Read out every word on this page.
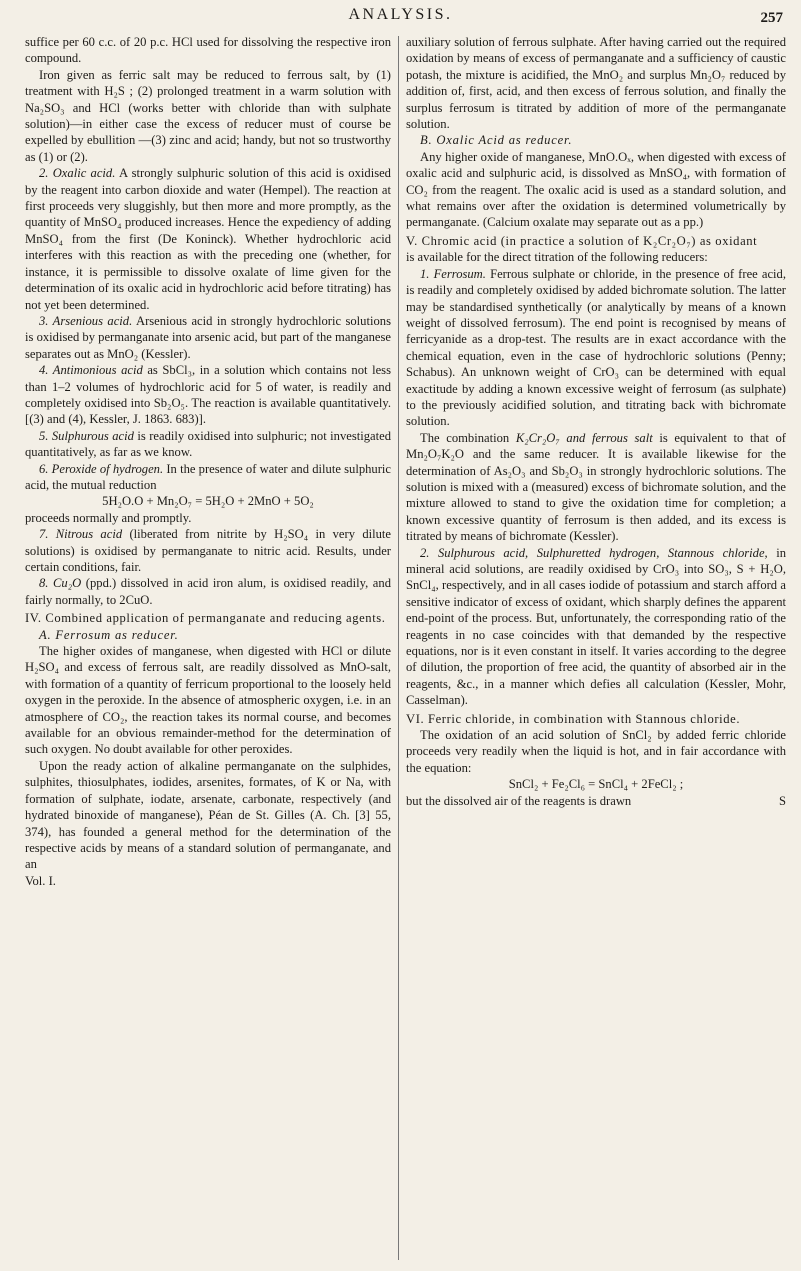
ANALYSIS.	257

suffice per 60 c.c. of 20 p.c. HCl used for dissolving the respective iron compound.

Iron given as ferric salt may be reduced to ferrous salt, by (1) treatment with H₂S ; (2) prolonged treatment in a warm solution with Na₂SO₃ and HCl (works better with chloride than with sulphate solution)—in either case the excess of reducer must of course be expelled by ebullition —(3) zinc and acid; handy, but not so trustworthy as (1) or (2).

2. Oxalic acid. A strongly sulphuric solution of this acid is oxidised by the reagent into carbon dioxide and water (Hempel). The reaction at first proceeds very sluggishly, but then more and more promptly, as the quantity of MnSO₄ produced increases. Hence the expediency of adding MnSO₄ from the first (De Koninck). Whether hydrochloric acid interferes with this reaction as with the preceding one (whether, for instance, it is permissible to dissolve oxalate of lime given for the determination of its oxalic acid in hydrochloric acid before titrating) has not yet been determined.

3. Arsenious acid. Arsenious acid in strongly hydrochloric solutions is oxidised by permanganate into arsenic acid, but part of the manganese separates out as MnO₂ (Kessler).

4. Antimonious acid as SbCl₃, in a solution which contains not less than 1–2 volumes of hydrochloric acid for 5 of water, is readily and completely oxidised into Sb₂O₅. The reaction is available quantitatively. [(3) and (4), Kessler, J. 1863. 683)].

5. Sulphurous acid is readily oxidised into sulphuric; not investigated quantitatively, as far as we know.

6. Peroxide of hydrogen. In the presence of water and dilute sulphuric acid, the mutual reduction

5H₂O.O + Mn₂O₇ = 5H₂O + 2MnO + 5O₂

proceeds normally and promptly.

7. Nitrous acid (liberated from nitrite by H₂SO₄ in very dilute solutions) is oxidised by permanganate to nitric acid. Results, under certain conditions, fair.

8. Cu₂O (ppd.) dissolved in acid iron alum, is oxidised readily, and fairly normally, to 2CuO.

IV. Combined application of permanganate and reducing agents.

A. Ferrosum as reducer.

The higher oxides of manganese, when digested with HCl or dilute H₂SO₄ and excess of ferrous salt, are readily dissolved as MnO-salt, with formation of a quantity of ferricum proportional to the loosely held oxygen in the peroxide. In the absence of atmospheric oxygen, i.e. in an atmosphere of CO₂, the reaction takes its normal course, and becomes available for an obvious remainder-method for the determination of such oxygen. No doubt available for other peroxides.

Upon the ready action of alkaline permanganate on the sulphides, sulphites, thiosulphates, iodides, arsenites, formates, of K or Na, with formation of sulphate, iodate, arsenate, carbonate, respectively (and hydrated binoxide of manganese), Péan de St. Gilles (A. Ch. [3] 55, 374), has founded a general method for the determination of the respective acids by means of a standard solution of permanganate, and an

Vol. I.

auxiliary solution of ferrous sulphate. After having carried out the required oxidation by means of excess of permanganate and a sufficiency of caustic potash, the mixture is acidified, the MnO₂ and surplus Mn₂O₇ reduced by addition of, first, acid, and then excess of ferrous solution, and finally the surplus ferrosum is titrated by addition of more of the permanganate solution.

B. Oxalic Acid as reducer.

Any higher oxide of manganese, MnO.Oₓ, when digested with excess of oxalic acid and sulphuric acid, is dissolved as MnSO₄, with formation of CO₂ from the reagent. The oxalic acid is used as a standard solution, and what remains over after the oxidation is determined volumetrically by permanganate. (Calcium oxalate may separate out as a pp.)

V. Chromic acid (in practice a solution of K₂Cr₂O₇) as oxidant

is available for the direct titration of the following reducers:

1. Ferrosum. Ferrous sulphate or chloride, in the presence of free acid, is readily and completely oxidised by added bichromate solution. The latter may be standardised synthetically (or analytically by means of a known weight of dissolved ferrosum). The end point is recognised by means of ferricyanide as a drop-test. The results are in exact accordance with the chemical equation, even in the case of hydrochloric solutions (Penny; Schabus). An unknown weight of CrO₃ can be determined with equal exactitude by adding a known excessive weight of ferrosum (as sulphate) to the previously acidified solution, and titrating back with bichromate solution.

The combination K₂Cr₂O₇ and ferrous salt is equivalent to that of Mn₂O₇K₂O and the same reducer. It is available likewise for the determination of As₂O₃ and Sb₂O₃ in strongly hydrochloric solutions. The solution is mixed with a (measured) excess of bichromate solution, and the mixture allowed to stand to give the oxidation time for completion; a known excessive quantity of ferrosum is then added, and its excess is titrated by means of bichromate (Kessler).

2. Sulphurous acid, Sulphuretted hydrogen, Stannous chloride, in mineral acid solutions, are readily oxidised by CrO₃ into SO₃, S + H₂O, SnCl₄, respectively, and in all cases iodide of potassium and starch afford a sensitive indicator of excess of oxidant, which sharply defines the apparent end-point of the process. But, unfortunately, the corresponding ratio of the reagents in no case coincides with that demanded by the respective equations, nor is it even constant in itself. It varies according to the degree of dilution, the proportion of free acid, the quantity of absorbed air in the reagents, &c., in a manner which defies all calculation (Kessler, Mohr, Casselman).

VI. Ferric chloride, in combination with Stannous chloride.

The oxidation of an acid solution of SnCl₂ by added ferric chloride proceeds very readily when the liquid is hot, and in fair accordance with the equation:

SnCl₂ + Fe₂Cl₆ = SnCl₄ + 2FeCl₂ ;

but the dissolved air of the reagents is drawn	S
